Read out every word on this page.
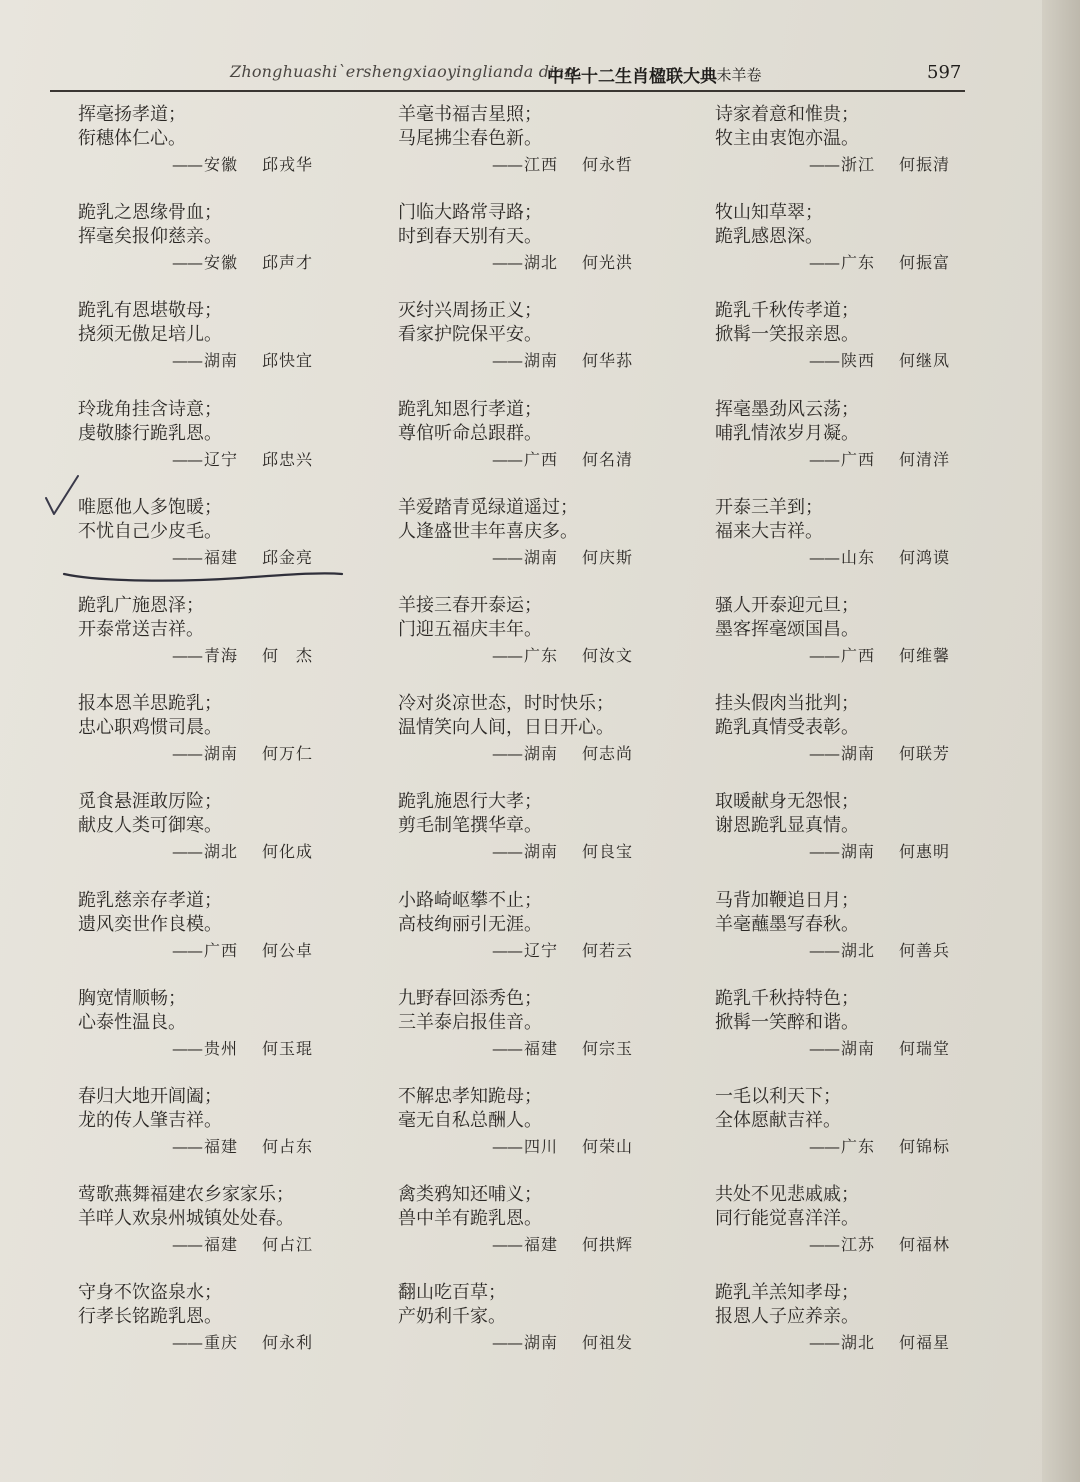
Zhonghuashi`ershengxiaoyinglianda dian
中华十二生肖楹联大典
· 未羊卷	597
挥毫扬孝道；
衔穗体仁心。
—— 安徽 邱戎华
跪乳之恩缘骨血；
挥毫矣报仰慈亲。
—— 安徽 邱声才
跪乳有恩堪敬母；
挠须无傲足培儿。
—— 湖南 邱快宜
玲珑角挂含诗意；
虔敬膝行跪乳恩。
—— 辽宁 邱忠兴
唯愿他人多饱暖；
不忧自己少皮毛。
—— 福建 邱金亮
跪乳广施恩泽；
开泰常送吉祥。
—— 青海 何　杰
报本恩羊思跪乳；
忠心职鸡惯司晨。
—— 湖南 何万仁
觅食悬涯敢厉险；
献皮人类可御寒。
—— 湖北 何化成
跪乳慈亲存孝道；
遗风奕世作良模。
—— 广西 何公卓
胸宽情顺畅；
心泰性温良。
—— 贵州 何玉琨
春归大地开阊阖；
龙的传人肇吉祥。
—— 福建 何占东
莺歌燕舞福建农乡家家乐；
羊咩人欢泉州城镇处处春。
—— 福建 何占江
守身不饮盗泉水；
行孝长铭跪乳恩。
—— 重庆 何永利
羊毫书福吉星照；
马尾拂尘春色新。
—— 江西 何永哲
门临大路常寻路；
时到春天别有天。
—— 湖北 何光洪
灭纣兴周扬正义；
看家护院保平安。
—— 湖南 何华荪
跪乳知恩行孝道；
尊倌听命总跟群。
—— 广西 何名清
羊爱踏青觅绿道遥过；
人逢盛世丰年喜庆多。
—— 湖南 何庆斯
羊接三春开泰运；
门迎五福庆丰年。
—— 广东 何汝文
冷对炎凉世态，时时快乐；
温情笑向人间，日日开心。
—— 湖南 何志尚
跪乳施恩行大孝；
剪毛制笔撰华章。
—— 湖南 何良宝
小路崎岖攀不止；
高枝绚丽引无涯。
—— 辽宁 何若云
九野春回添秀色；
三羊泰启报佳音。
—— 福建 何宗玉
不解忠孝知跪母；
毫无自私总酬人。
—— 四川 何荣山
禽类鸦知还哺义；
兽中羊有跪乳恩。
—— 福建 何拱辉
翻山吃百草；
产奶利千家。
—— 湖南 何祖发
诗家着意和惟贵；
牧主由衷饱亦温。
—— 浙江 何振清
牧山知草翠；
跪乳感恩深。
—— 广东 何振富
跪乳千秋传孝道；
掀髯一笑报亲恩。
—— 陕西 何继凤
挥毫墨劲风云荡；
哺乳情浓岁月凝。
—— 广西 何清洋
开泰三羊到；
福来大吉祥。
—— 山东 何鸿谟
骚人开泰迎元旦；
墨客挥毫颂国昌。
—— 广西 何维馨
挂头假肉当批判；
跪乳真情受表彰。
—— 湖南 何联芳
取暖献身无怨恨；
谢恩跪乳显真情。
—— 湖南 何惠明
马背加鞭追日月；
羊毫蘸墨写春秋。
—— 湖北 何善兵
跪乳千秋持特色；
掀髯一笑醉和谐。
—— 湖南 何瑞堂
一毛以利天下；
全体愿献吉祥。
—— 广东 何锦标
共处不见悲戚戚；
同行能觉喜洋洋。
—— 江苏 何福林
跪乳羊羔知孝母；
报恩人子应养亲。
—— 湖北 何福星
